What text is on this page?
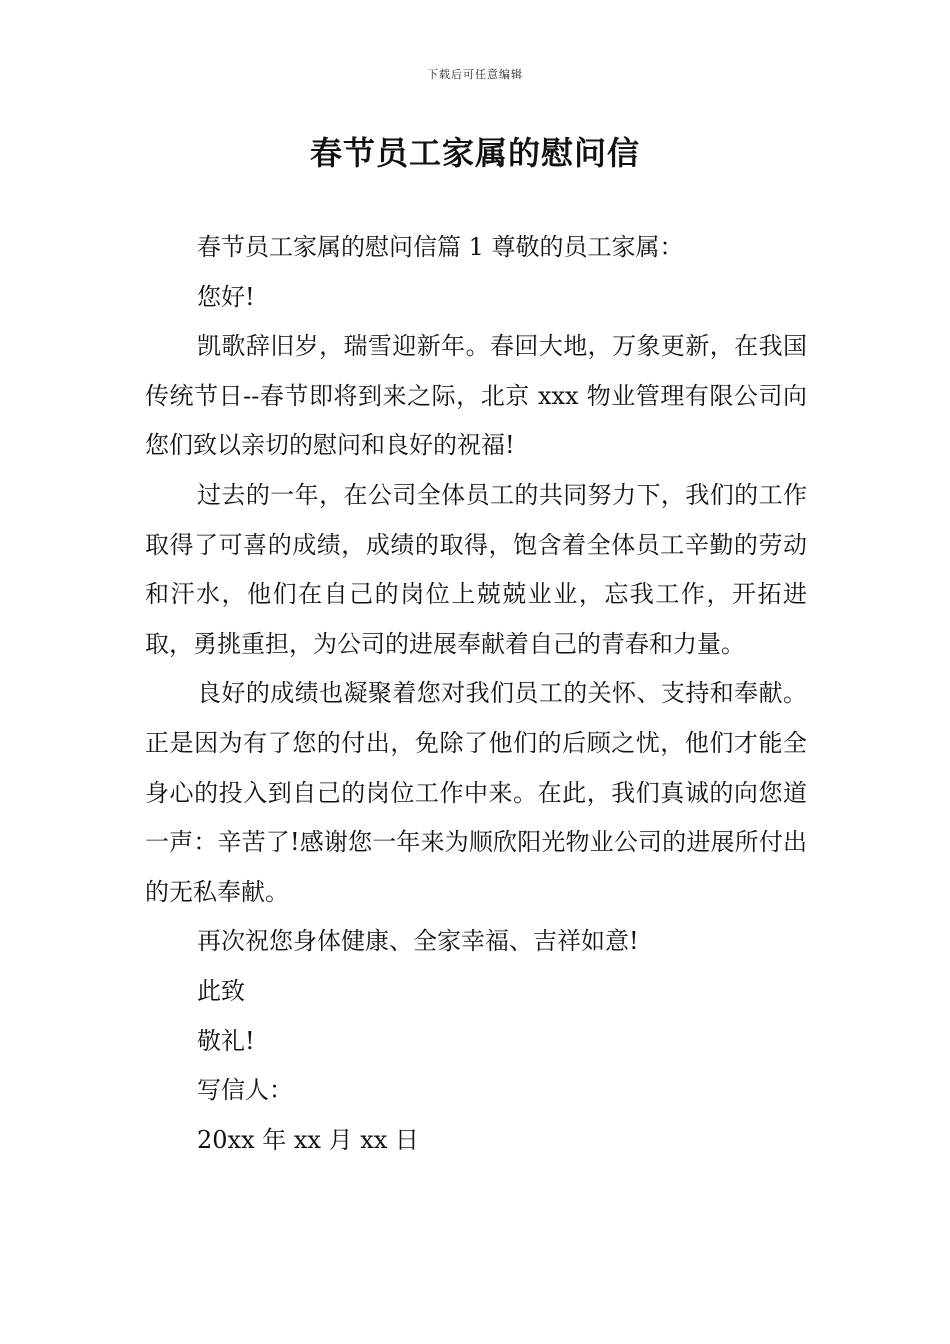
下载后可任意编辑
春节员工家属的慰问信

春节员工家属的慰问信篇 1 尊敬的员工家属：

您好!

凯歌辞旧岁，瑞雪迎新年。春回大地，万象更新，在我国传统节日--春节即将到来之际，北京 xxx 物业管理有限公司向您们致以亲切的慰问和良好的祝福!

过去的一年，在公司全体员工的共同努力下，我们的工作取得了可喜的成绩，成绩的取得，饱含着全体员工辛勤的劳动和汗水，他们在自己的岗位上兢兢业业，忘我工作，开拓进取，勇挑重担，为公司的进展奉献着自己的青春和力量。

良好的成绩也凝聚着您对我们员工的关怀、支持和奉献。正是因为有了您的付出，免除了他们的后顾之忧，他们才能全身心的投入到自己的岗位工作中来。在此，我们真诚的向您道一声：辛苦了!感谢您一年来为顺欣阳光物业公司的进展所付出的无私奉献。

再次祝您身体健康、全家幸福、吉祥如意!

此致

敬礼!

写信人：

20xx 年 xx 月 xx 日
